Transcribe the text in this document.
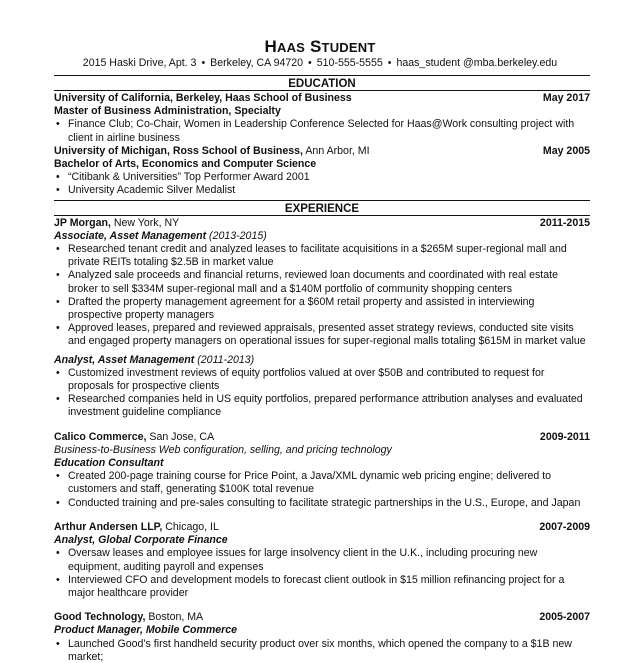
HAAS STUDENT
2015 Haski Drive, Apt. 3 • Berkeley, CA 94720 • 510-555-5555 • haas_student @mba.berkeley.edu
EDUCATION
University of California, Berkeley, Haas School of Business	May 2017
Master of Business Administration, Specialty
• Finance Club; Co-Chair, Women in Leadership Conference Selected for Haas@Work consulting project with client in airline business
University of Michigan, Ross School of Business, Ann Arbor, MI	May 2005
Bachelor of Arts, Economics and Computer Science
• “Citibank & Universities” Top Performer Award 2001
• University Academic Silver Medalist
EXPERIENCE
JP Morgan, New York, NY	2011-2015
Associate, Asset Management (2013-2015)
• Researched tenant credit and analyzed leases to facilitate acquisitions in a $265M super-regional mall and private REITs totaling $2.5B in market value
• Analyzed sale proceeds and financial returns, reviewed loan documents and coordinated with real estate broker to sell $334M super-regional mall and a $140M portfolio of community shopping centers
• Drafted the property management agreement for a $60M retail property and assisted in interviewing prospective property managers
• Approved leases, prepared and reviewed appraisals, presented asset strategy reviews, conducted site visits and engaged property managers on operational issues for super-regional malls totaling $615M in market value
Analyst, Asset Management (2011-2013)
• Customized investment reviews of equity portfolios valued at over $50B and contributed to request for proposals for prospective clients
• Researched companies held in US equity portfolios, prepared performance attribution analyses and evaluated investment guideline compliance
Calico Commerce, San Jose, CA	2009-2011
Business-to-Business Web configuration, selling, and pricing technology
Education Consultant
• Created 200-page training course for Price Point, a Java/XML dynamic web pricing engine; delivered to customers and staff, generating $100K total revenue
• Conducted training and pre-sales consulting to facilitate strategic partnerships in the U.S., Europe, and Japan
Arthur Andersen LLP, Chicago, IL	2007-2009
Analyst, Global Corporate Finance
• Oversaw leases and employee issues for large insolvency client in the U.K., including procuring new equipment, auditing payroll and expenses
• Interviewed CFO and development models to forecast client outlook in $15 million refinancing project for a major healthcare provider
Good Technology, Boston, MA	2005-2007
Product Manager, Mobile Commerce
• Launched Good’s first handheld security product over six months, which opened the company to a $1B new market;
